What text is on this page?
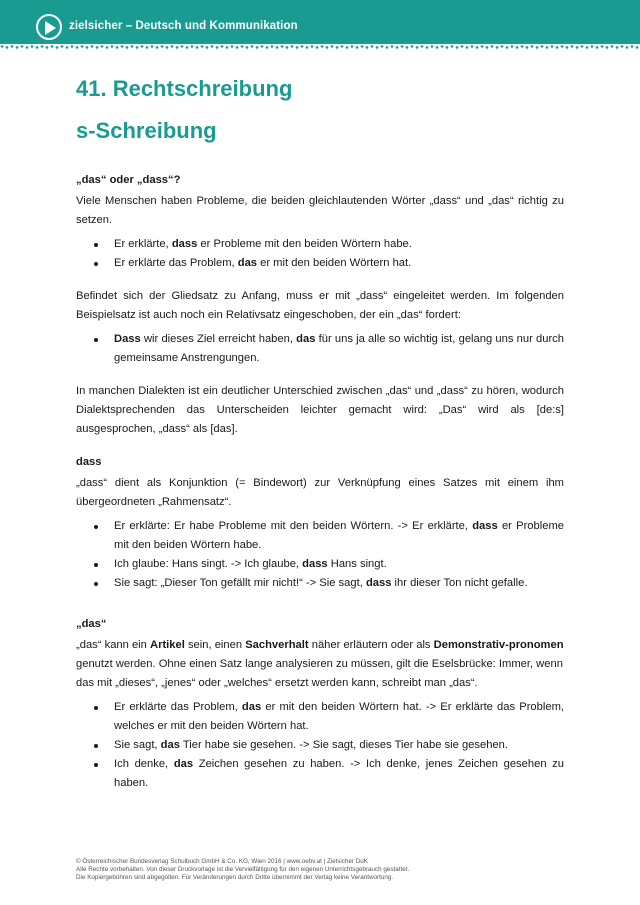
zielsicher – Deutsch und Kommunikation
41. Rechtschreibung
s-Schreibung
„das“ oder „dass“?

Viele Menschen haben Probleme, die beiden gleichlautenden Wörter „dass“ und „das“ richtig zu setzen.

Er erklärte, dass er Probleme mit den beiden Wörtern habe.
Er erklärte das Problem, das er mit den beiden Wörtern hat.

Befindet sich der Gliedsatz zu Anfang, muss er mit „dass“ eingeleitet werden. Im folgenden Beispielsatz ist auch noch ein Relativsatz eingeschoben, der ein „das“ fordert:

Dass wir dieses Ziel erreicht haben, das für uns ja alle so wichtig ist, gelang uns nur durch gemeinsame Anstrengungen.

In manchen Dialekten ist ein deutlicher Unterschied zwischen „das“ und „dass“ zu hören, wodurch Dialektsprechenden das Unterscheiden leichter gemacht wird: „Das“ wird als [de:s] ausgesprochen, „dass“ als [das].

dass

„dass“ dient als Konjunktion (= Bindewort) zur Verknüpfung eines Satzes mit einem ihm übergeordneten „Rahmensatz“.

Er erklärte: Er habe Probleme mit den beiden Wörtern. -> Er erklärte, dass er Probleme mit den beiden Wörtern habe.
Ich glaube: Hans singt. -> Ich glaube, dass Hans singt.
Sie sagt: „Dieser Ton gefällt mir nicht!“ -> Sie sagt, dass ihr dieser Ton nicht gefalle.
„das“

„das“ kann ein Artikel sein, einen Sachverhalt näher erläutern oder als Demonstrativ-pronomen genutzt werden. Ohne einen Satz lange analysieren zu müssen, gilt die Eselsbrücke: Immer, wenn das mit „dieses“, „jenes“ oder „welches“ ersetzt werden kann, schreibt man „das“.

Er erklärte das Problem, das er mit den beiden Wörtern hat. -> Er erklärte das Problem, welches er mit den beiden Wörtern hat.
Sie sagt, das Tier habe sie gesehen. -> Sie sagt, dieses Tier habe sie gesehen.
Ich denke, das Zeichen gesehen zu haben. -> Ich denke, jenes Zeichen gesehen zu haben.
© Österreichischer Bundesverlag Schulbuch GmbH & Co. KG, Wien 2016 | www.oebv.at | Zielsicher DuK
Alle Rechte vorbehalten. Von dieser Druckvorlage ist die Vervielfältigung für den eigenen Unterrichtsgebrauch gestattet.
Die Kopiergebühren sind abgegolten. Für Veränderungen durch Dritte übernimmt der Verlag keine Verantwortung.
